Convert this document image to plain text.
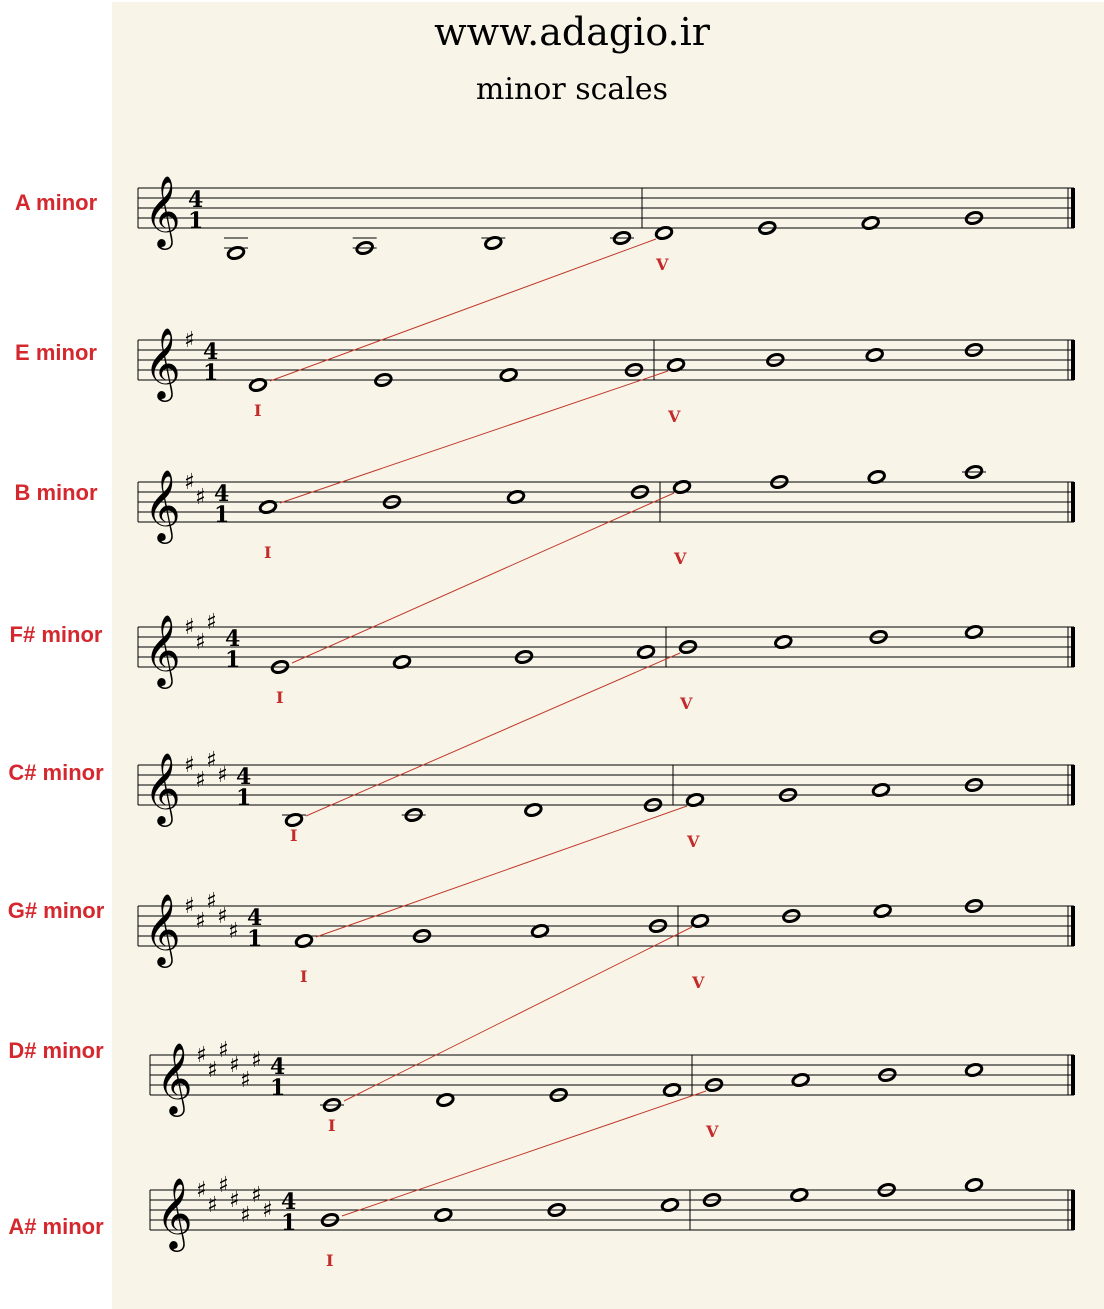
www.adagio.ir
minor scales
A minor
E minor
B minor
F# minor
C# minor
G# minor
D# minor
A# minor
𝄞 4
1
V
𝄞 ♯ 4
1
I	V
𝄞 ♯
♯ 4
1
I	V
𝄞 ♯
♯
♯
4
1
I	V
𝄞 ♯
♯
♯
♯ 4
1
I	V
𝄞 ♯
♯
♯
♯
♯
4
1
I	V
𝄞 ♯
♯
♯
♯
♯
♯ 4
1
I	V
𝄞 ♯
♯
♯
♯
♯
♯
♯ 4
1
I
